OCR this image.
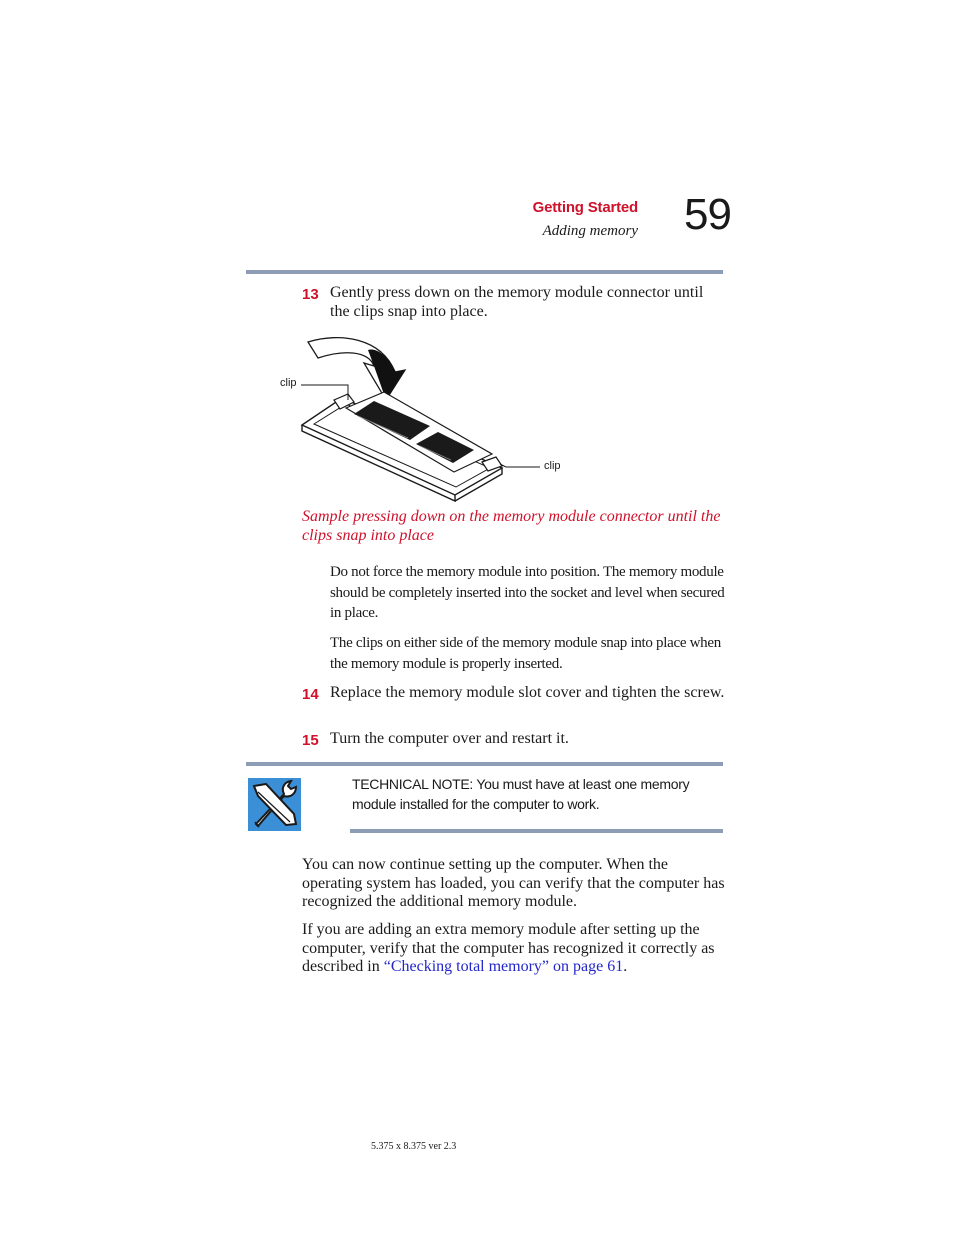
Getting Started
Adding memory 59
13 Gently press down on the memory module connector until the clips snap into place.
clip
clip
Sample pressing down on the memory module connector until the clips snap into place
Do not force the memory module into position. The memory module should be completely inserted into the socket and level when secured in place.
The clips on either side of the memory module snap into place when the memory module is properly inserted.
14 Replace the memory module slot cover and tighten the screw.
15 Turn the computer over and restart it.
TECHNICAL NOTE: You must have at least one memory module installed for the computer to work.
You can now continue setting up the computer. When the operating system has loaded, you can verify that the computer has recognized the additional memory module.
If you are adding an extra memory module after setting up the computer, verify that the computer has recognized it correctly as described in “Checking total memory” on page 61.
5.375 x 8.375 ver 2.3
